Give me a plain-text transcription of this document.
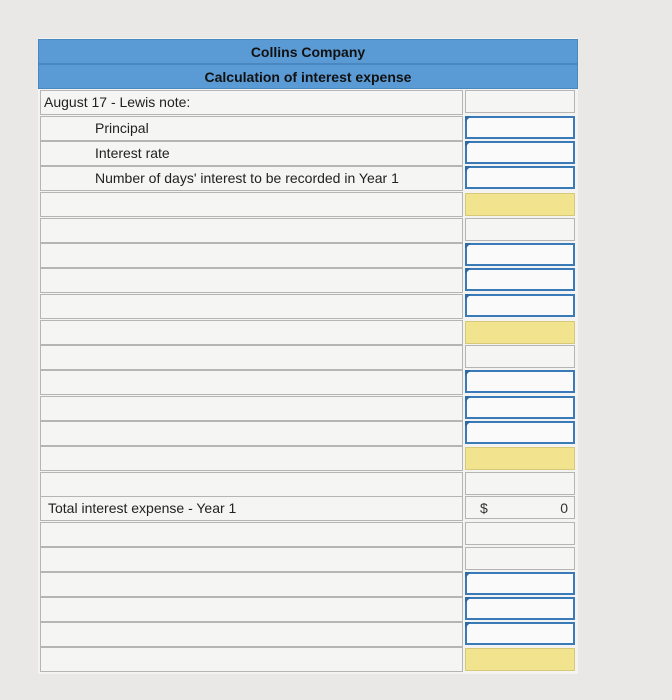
Collins Company
Calculation of interest expense
August 17 - Lewis note:
Principal
Interest rate
Number of days' interest to be recorded in Year 1
Total interest expense - Year 1	$	0
